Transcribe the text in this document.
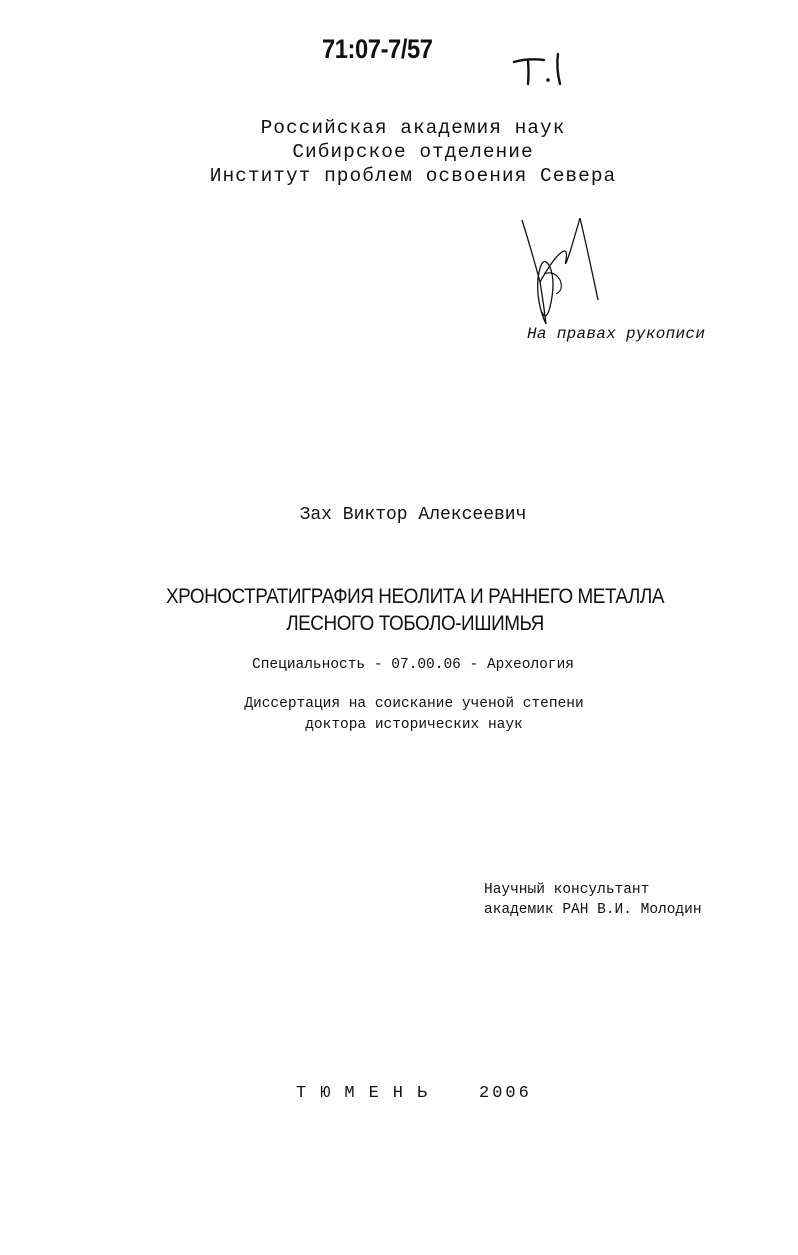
71:07-7/57
Российская академия наук
Сибирское отделение
Институт проблем освоения Севера
На правах рукописи
Зах Виктор Алексеевич
ХРОНОСТРАТИГРАФИЯ НЕОЛИТА И РАННЕГО МЕТАЛЛА
ЛЕСНОГО ТОБОЛО-ИШИМЬЯ
Специальность - 07.00.06 - Археология
Диссертация на соискание ученой степени
доктора исторических наук
Научный консультант
академик РАН В.И. Молодин
ТЮМЕНЬ 2006
